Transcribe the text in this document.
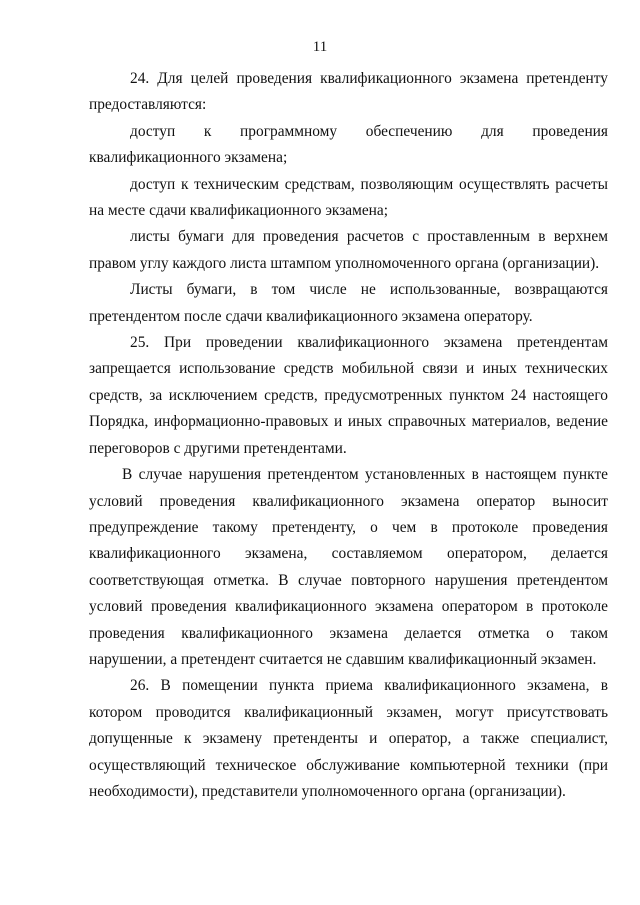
11

24. Для целей проведения квалификационного экзамена претенденту предоставляются:

доступ к программному обеспечению для проведения квалификационного экзамена;

доступ к техническим средствам, позволяющим осуществлять расчеты на месте сдачи квалификационного экзамена;

листы бумаги для проведения расчетов с проставленным в верхнем правом углу каждого листа штампом уполномоченного органа (организации).

Листы бумаги, в том числе не использованные, возвращаются претендентом после сдачи квалификационного экзамена оператору.

25. При проведении квалификационного экзамена претендентам запрещается использование средств мобильной связи и иных технических средств, за исключением средств, предусмотренных пунктом 24 настоящего Порядка, информационно-правовых и иных справочных материалов, ведение переговоров с другими претендентами.

В случае нарушения претендентом установленных в настоящем пункте условий проведения квалификационного экзамена оператор выносит предупреждение такому претенденту, о чем в протоколе проведения квалификационного экзамена, составляемом оператором, делается соответствующая отметка. В случае повторного нарушения претендентом условий проведения квалификационного экзамена оператором в протоколе проведения квалификационного экзамена делается отметка о таком нарушении, а претендент считается не сдавшим квалификационный экзамен.

26. В помещении пункта приема квалификационного экзамена, в котором проводится квалификационный экзамен, могут присутствовать допущенные к экзамену претенденты и оператор, а также специалист, осуществляющий техническое обслуживание компьютерной техники (при необходимости), представители уполномоченного органа (организации).
